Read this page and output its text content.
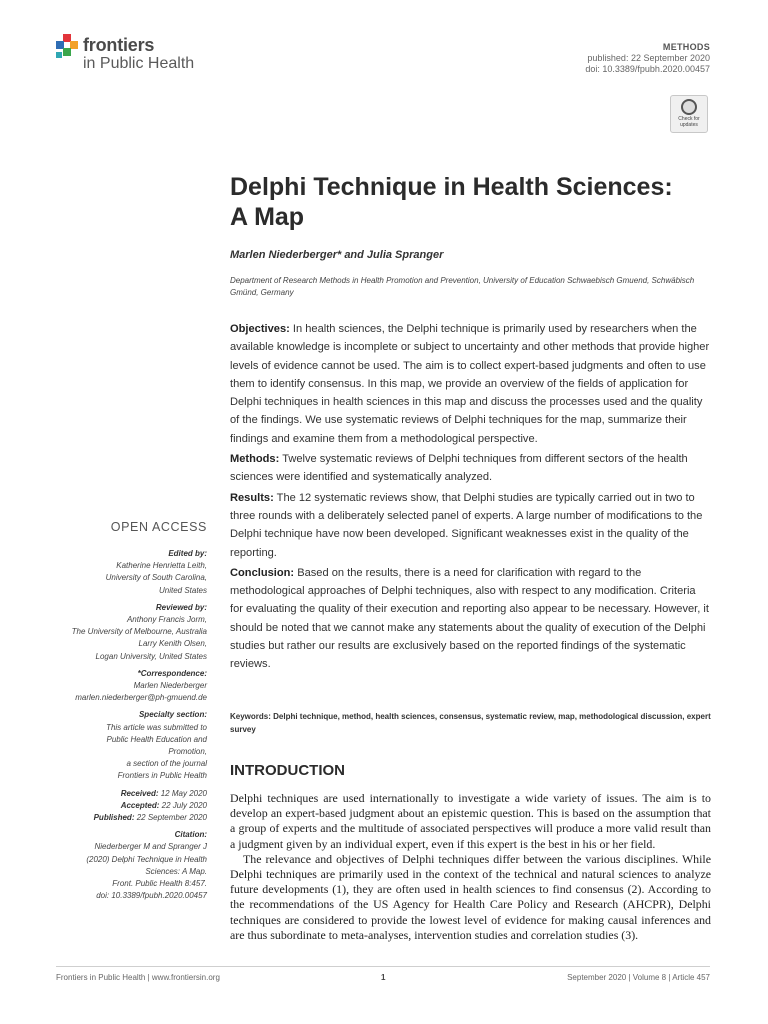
frontiers
in Public Health
METHODS
published: 22 September 2020
doi: 10.3389/fpubh.2020.00457
Check for updates
Delphi Technique in Health Sciences:
A Map
Marlen Niederberger* and Julia Spranger
Department of Research Methods in Health Promotion and Prevention, University of Education Schwaebisch Gmuend, Schwäbisch Gmünd, Germany

Objectives: In health sciences, the Delphi technique is primarily used by researchers when the available knowledge is incomplete or subject to uncertainty and other methods that provide higher levels of evidence cannot be used. The aim is to collect expert-based judgments and often to use them to identify consensus. In this map, we provide an overview of the fields of application for Delphi techniques in health sciences in this map and discuss the processes used and the quality of the findings. We use systematic reviews of Delphi techniques for the map, summarize their findings and examine them from a methodological perspective.

Methods: Twelve systematic reviews of Delphi techniques from different sectors of the health sciences were identified and systematically analyzed.

Results: The 12 systematic reviews show, that Delphi studies are typically carried out in two to three rounds with a deliberately selected panel of experts. A large number of modifications to the Delphi technique have now been developed. Significant weaknesses exist in the quality of the reporting.

Conclusion: Based on the results, there is a need for clarification with regard to the methodological approaches of Delphi techniques, also with respect to any modification. Criteria for evaluating the quality of their execution and reporting also appear to be necessary. However, it should be noted that we cannot make any statements about the quality of execution of the Delphi studies but rather our results are exclusively based on the reported findings of the systematic reviews.

Keywords: Delphi technique, method, health sciences, consensus, systematic review, map, methodological discussion, expert survey
OPEN ACCESS
Edited by:
Katherine Henrietta Leith,
University of South Carolina,
United States
Reviewed by:
Anthony Francis Jorm,
The University of Melbourne, Australia
Larry Kenith Olsen,
Logan University, United States
*Correspondence:
Marlen Niederberger
marlen.niederberger@ph-gmuend.de
Specialty section:
This article was submitted to
Public Health Education and
Promotion,
a section of the journal
Frontiers in Public Health
Received: 12 May 2020
Accepted: 22 July 2020
Published: 22 September 2020
Citation:
Niederberger M and Spranger J
(2020) Delphi Technique in Health
Sciences: A Map.
Front. Public Health 8:457.
doi: 10.3389/fpubh.2020.00457
INTRODUCTION

Delphi techniques are used internationally to investigate a wide variety of issues. The aim is to develop an expert-based judgment about an epistemic question. This is based on the assumption that a group of experts and the multitude of associated perspectives will produce a more valid result than a judgment given by an individual expert, even if this expert is the best in his or her field.

The relevance and objectives of Delphi techniques differ between the various disciplines. While Delphi techniques are primarily used in the context of the technical and natural sciences to analyze future developments (1), they are often used in health sciences to find consensus (2). According to the recommendations of the US Agency for Health Care Policy and Research (AHCPR), Delphi techniques are considered to provide the lowest level of evidence for making causal inferences and are thus subordinate to meta-analyses, intervention studies and correlation studies (3).

Frontiers in Public Health | www.frontiersin.org	1	September 2020 | Volume 8 | Article 457
